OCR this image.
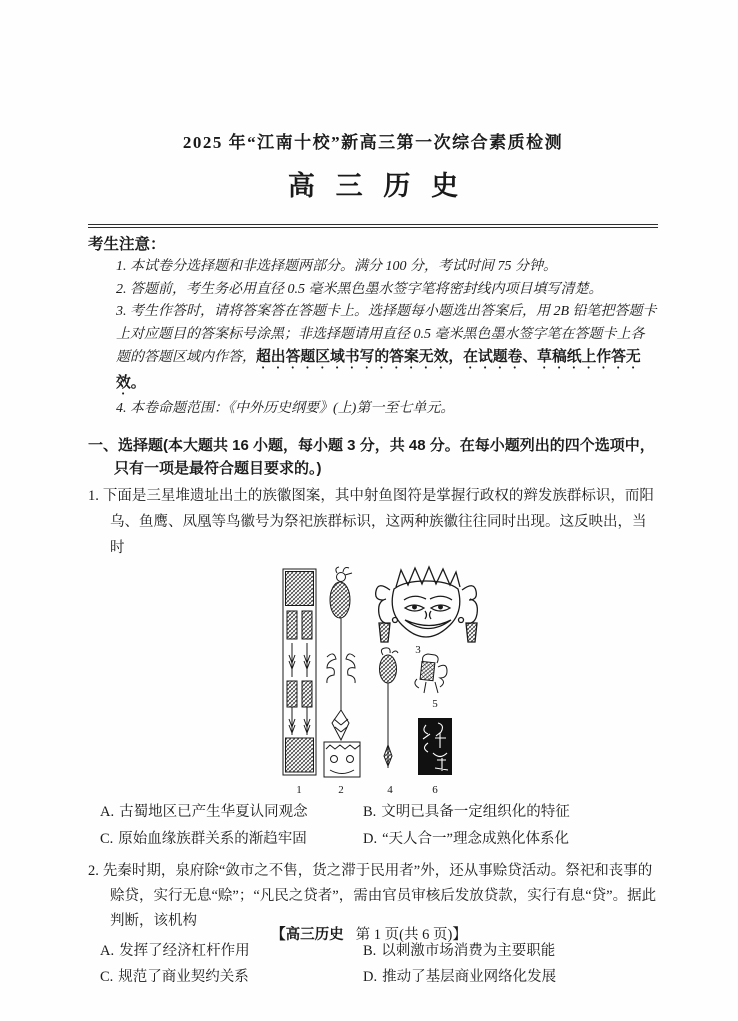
2025 年“江南十校”新高三第一次综合素质检测
高 三 历 史
考生注意：

1. 本试卷分选择题和非选择题两部分。满分 100 分，考试时间 75 分钟。

2. 答题前，考生务必用直径 0.5 毫米黑色墨水签字笔将密封线内项目填写清楚。

3. 考生作答时，请将答案答在答题卡上。选择题每小题选出答案后，用 2B 铅笔把答题卡上对应题目的答案标号涂黑；非选择题请用直径 0.5 毫米黑色墨水签字笔在答题卡上各题的答题区域内作答，超出答题区域书写的答案无效，在试题卷、草稿纸上作答无效。

4. 本卷命题范围：《中外历史纲要》(上)第一至七单元。

一、选择题(本大题共 16 小题，每小题 3 分，共 48 分。在每小题列出的四个选项中，只有一项是最符合题目要求的。)

1. 下面是三星堆遗址出土的族徽图案，其中射鱼图符是掌握行政权的辫发族群标识，而阳乌、鱼鹰、凤凰等鸟徽号为祭祀族群标识，这两种族徽往往同时出现。这反映出，当时

1	2
3
4
5
6

A. 古蜀地区已产生华夏认同观念	B. 文明已具备一定组织化的特征

C. 原始血缘族群关系的渐趋牢固	D. “天人合一”理念成熟化体系化

2. 先秦时期，泉府除“敛市之不售，货之滞于民用者”外，还从事赊贷活动。祭祀和丧事的赊贷，实行无息“赊”；“凡民之贷者”，需由官员审核后发放贷款，实行有息“贷”。据此判断，该机构

A. 发挥了经济杠杆作用	B. 以刺激市场消费为主要职能

C. 规范了商业契约关系	D. 推动了基层商业网络化发展

【高三历史 第 1 页(共 6 页)】
